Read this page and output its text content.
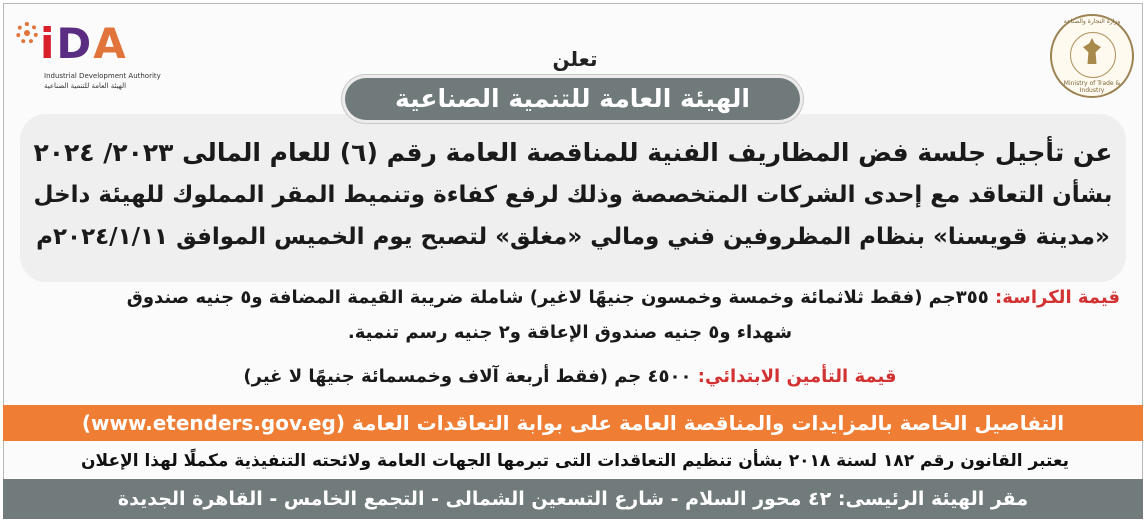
iDA
Industrial Development Authority
الهيئة العامة للتنمية الصناعية
وزارة التجارة والصناعة
Ministry of Trade & Industry
تعلن
الهيئة العامة للتنمية الصناعية
عن تأجيل جلسة فض المظاريف الفنية للمناقصة العامة رقم (٦) للعام المالى ٢٠٢٣/ ٢٠٢٤
بشأن التعاقد مع إحدى الشركات المتخصصة وذلك لرفع كفاءة وتنميط المقر المملوك للهيئة داخل
«مدينة قويسنا» بنظام المظروفين فني ومالي «مغلق» لتصبح يوم الخميس الموافق ٢٠٢٤/١/١١م
قيمة الكراسة: ٣٥٥جم (فقط ثلاثمائة وخمسة وخمسون جنيهًا لاغير) شاملة ضريبة القيمة المضافة و٥ جنيه صندوق
شهداء و٥ جنيه صندوق الإعاقة و٢ جنيه رسم تنمية.
قيمة التأمين الابتدائي: ٤٥٠٠ جم (فقط أربعة آلاف وخمسمائة جنيهًا لا غير)
التفاصيل الخاصة بالمزايدات والمناقصة العامة على بوابة التعاقدات العامة (www.etenders.gov.eg)
يعتبر القانون رقم ١٨٢ لسنة ٢٠١٨ بشأن تنظيم التعاقدات التى تبرمها الجهات العامة ولائحته التنفيذية مكملًا لهذا الإعلان
مقر الهيئة الرئيسى: ٤٢ محور السلام - شارع التسعين الشمالى - التجمع الخامس - القاهرة الجديدة
